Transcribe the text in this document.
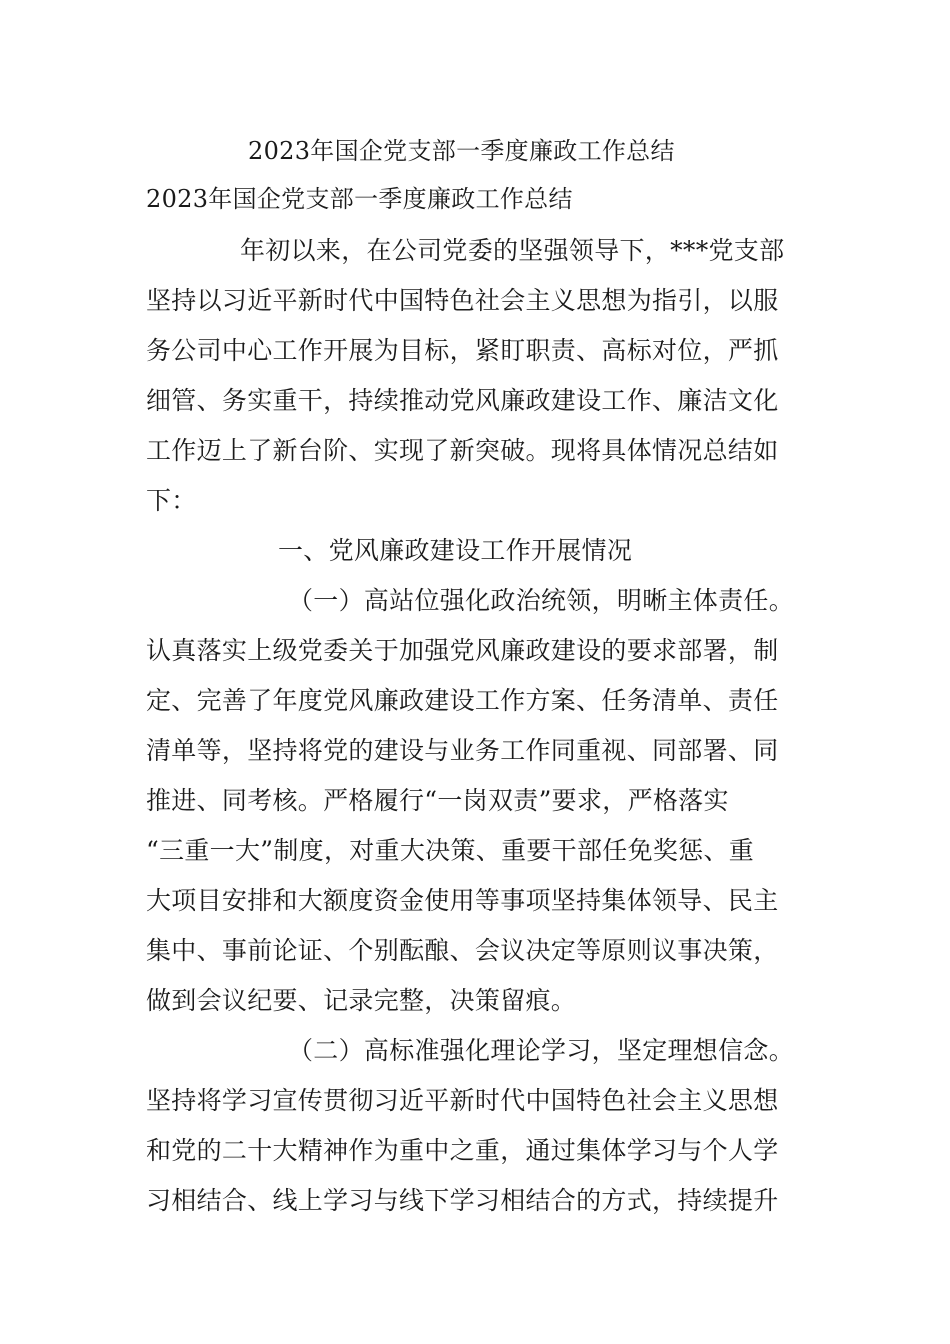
2023年国企党支部一季度廉政工作总结
2023年国企党支部一季度廉政工作总结
年初以来，在公司党委的坚强领导下，***党支部
坚持以习近平新时代中国特色社会主义思想为指引，以服
务公司中心工作开展为目标，紧盯职责、高标对位，严抓
细管、务实重干，持续推动党风廉政建设工作、廉洁文化
工作迈上了新台阶、实现了新突破。现将具体情况总结如
下：
一、党风廉政建设工作开展情况
（一）高站位强化政治统领，明晰主体责任。
认真落实上级党委关于加强党风廉政建设的要求部署，制
定、完善了年度党风廉政建设工作方案、任务清单、责任
清单等，坚持将党的建设与业务工作同重视、同部署、同
推进、同考核。严格履行“一岗双责”要求，严格落实
“三重一大”制度，对重大决策、重要干部任免奖惩、重
大项目安排和大额度资金使用等事项坚持集体领导、民主
集中、事前论证、个别酝酿、会议决定等原则议事决策，
做到会议纪要、记录完整，决策留痕。
（二）高标准强化理论学习，坚定理想信念。
坚持将学习宣传贯彻习近平新时代中国特色社会主义思想
和党的二十大精神作为重中之重，通过集体学习与个人学
习相结合、线上学习与线下学习相结合的方式，持续提升
